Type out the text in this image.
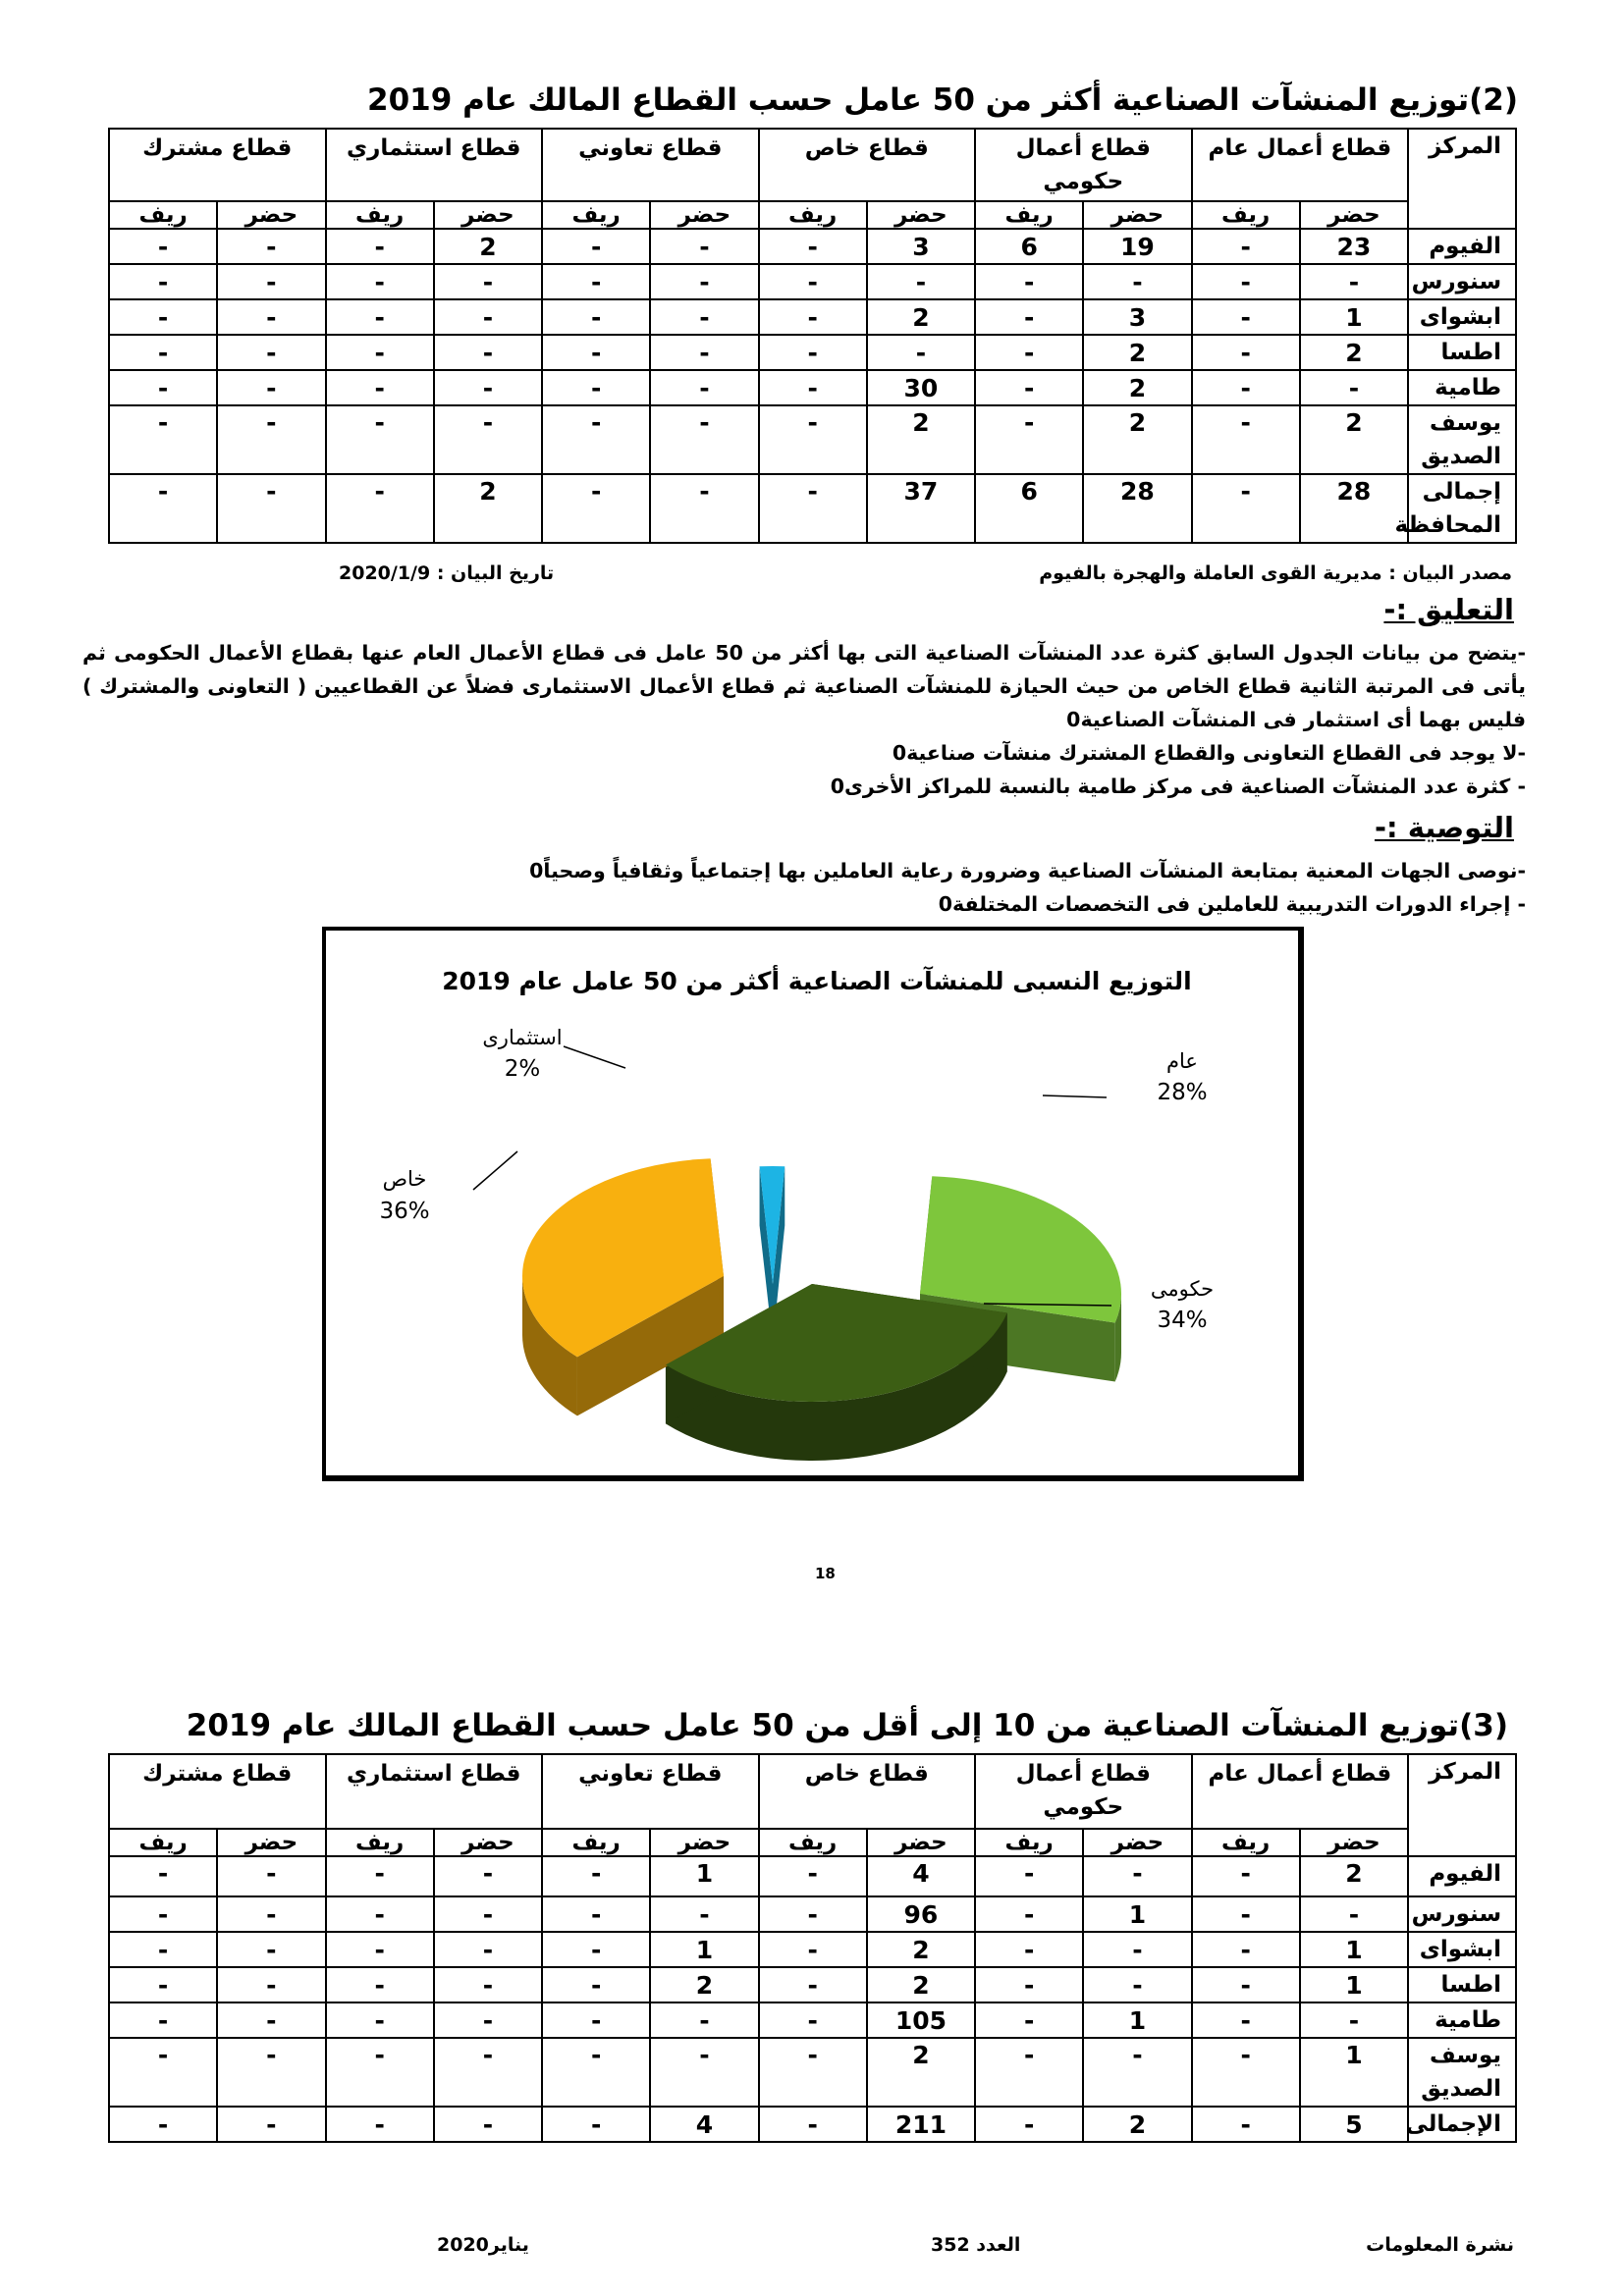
(2)توزيع المنشآت الصناعية أكثر من 50 عامل حسب القطاع المالك عام 2019
المركز	قطاع أعمال عام		قطاع أعمال حكومي		قطاع خاص		قطاع تعاوني		قطاع استثماري		قطاع مشترك	
	حضر	ريف	حضر	ريف	حضر	ريف	حضر	ريف	حضر	ريف	حضر	ريف
الفيوم	23	-	19	6	3	-	-	-	2	-	-	-
سنورس	-	-	-	-	-	-	-	-	-	-	-	-
ابشواى	1	-	3	-	2	-	-	-	-	-	-	-
اطسا	2	-	2	-	-	-	-	-	-	-	-	-
طامية	-	-	2	-	30	-	-	-	-	-	-	-
يوسف الصديق	2	-	2	-	2	-	-	-	-	-	-	-
إجمالى المحافظة	28	-	28	6	37	-	-	-	2	-	-	-
مصدر البيان : مديرية القوى العاملة والهجرة بالفيوم
تاريخ البيان : 2020/1/9
التعليق :-
-يتضح من بيانات الجدول السابق كثرة عدد المنشآت الصناعية التى بها أكثر من 50 عامل فى قطاع الأعمال العام عنها بقطاع الأعمال الحكومى ثم يأتى فى المرتبة الثانية قطاع الخاص من حيث الحيازة للمنشآت الصناعية ثم قطاع الأعمال الاستثمارى فضلاً عن القطاعيين ( التعاونى والمشترك ) فليس بهما أى استثمار فى المنشآت الصناعية0
-لا يوجد فى القطاع التعاونى والقطاع المشترك منشآت صناعية0
- كثرة عدد المنشآت الصناعية فى مركز طامية بالنسبة للمراكز الأخرى0
التوصية :-
-نوصى الجهات المعنية بمتابعة المنشآت الصناعية وضرورة رعاية العاملين بها إجتماعياً وثقافياً وصحياً0
- إجراء الدورات التدريبية للعاملين فى التخصصات المختلفة0
التوزيع النسبى للمنشآت الصناعية أكثر من 50 عامل عام 2019
عام
28%
حكومى
34%
خاص
36%
استثمارى
2%
18
(3)توزيع المنشآت الصناعية من 10 إلى أقل من 50 عامل حسب القطاع المالك عام 2019
المركز	قطاع أعمال عام		قطاع أعمال حكومي		قطاع خاص		قطاع تعاوني		قطاع استثماري		قطاع مشترك	
	حضر	ريف	حضر	ريف	حضر	ريف	حضر	ريف	حضر	ريف	حضر	ريف
الفيوم	2	-	-	-	4	-	1	-	-	-	-	-
سنورس	-	-	1	-	96	-	-	-	-	-	-	-
ابشواى	1	-	-	-	2	-	1	-	-	-	-	-
اطسا	1	-	-	-	2	-	2	-	-	-	-	-
طامية	-	-	1	-	105	-	-	-	-	-	-	-
يوسف الصديق	1	-	-	-	2	-	-	-	-	-	-	-
الإجمالى	5	-	2	-	211	-	4	-	-	-	-	-
نشرة المعلومات
العدد 352
يناير2020
